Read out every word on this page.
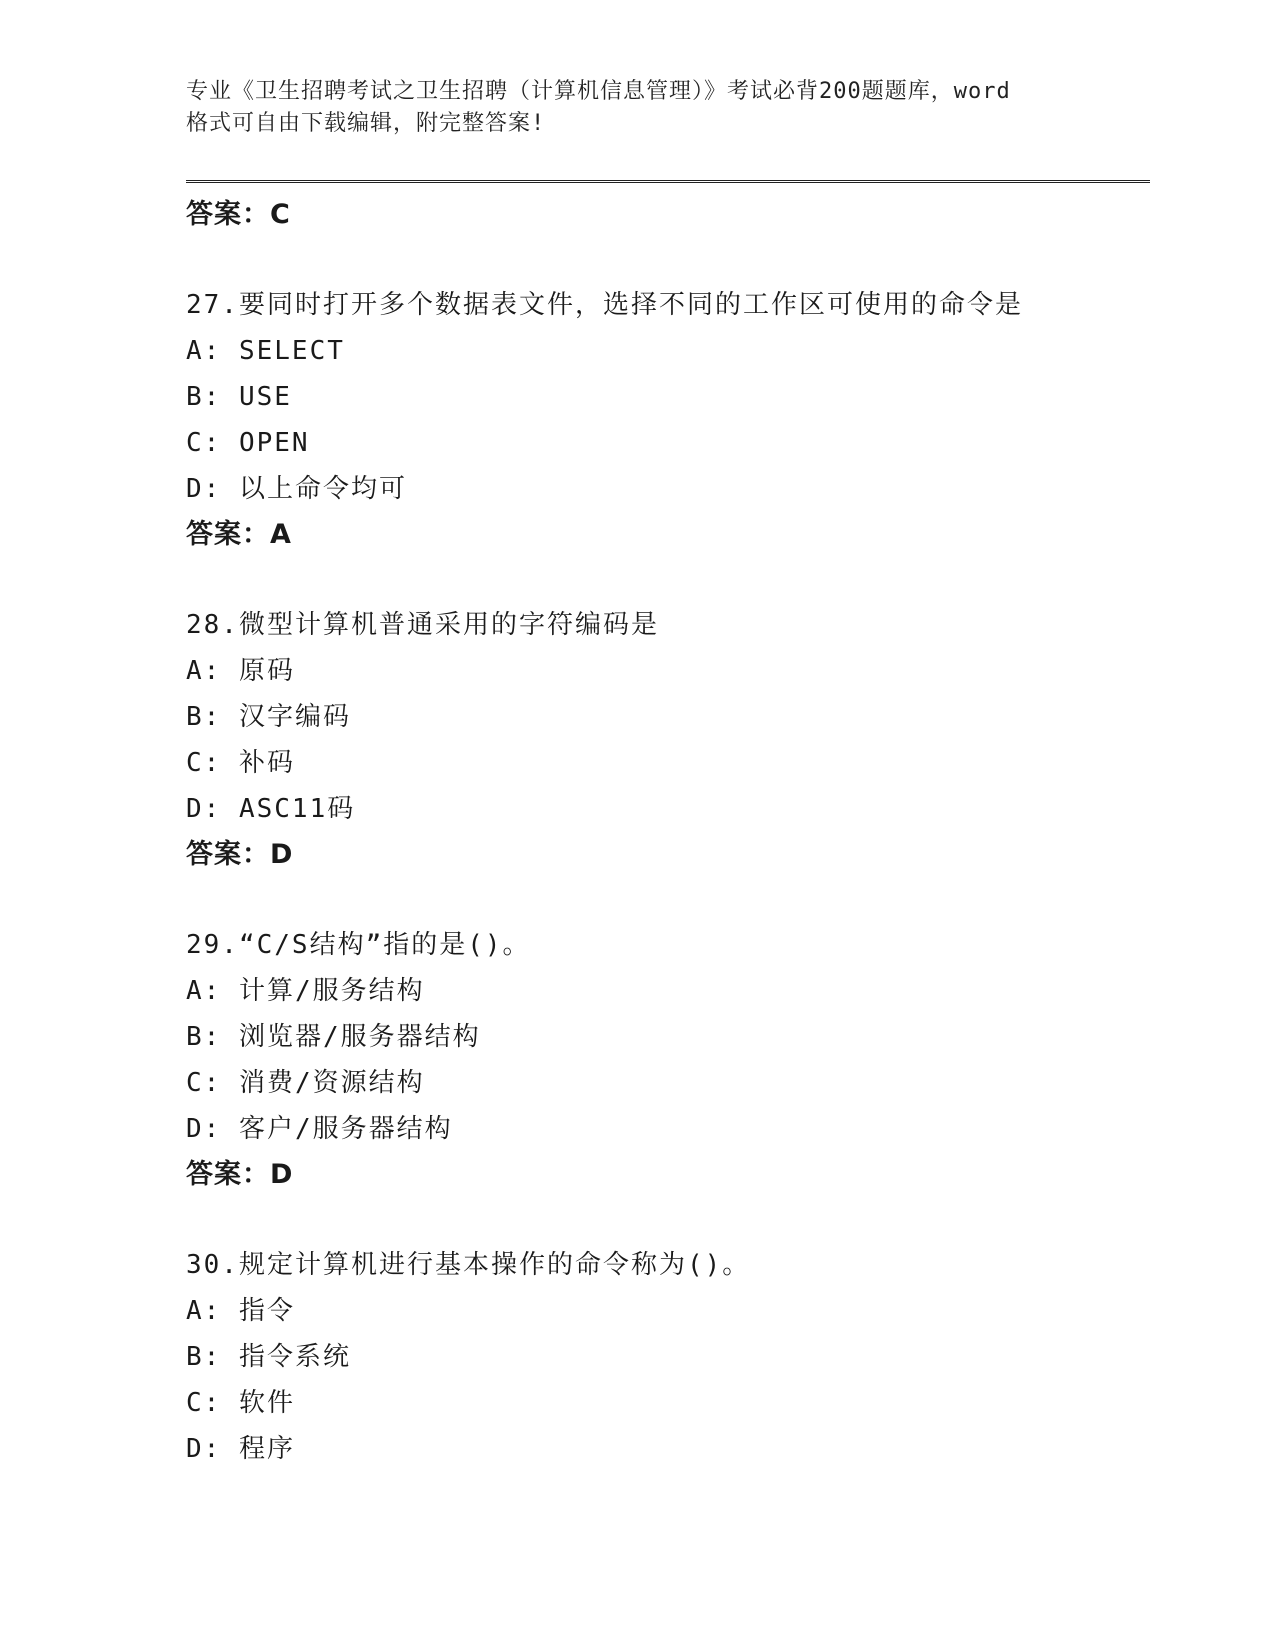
专业《卫生招聘考试之卫生招聘（计算机信息管理）》考试必背200题题库，word
格式可自由下载编辑，附完整答案!
答案：C
27.要同时打开多个数据表文件，选择不同的工作区可使用的命令是
A: SELECT
B: USE
C: OPEN
D: 以上命令均可
答案：A
28.微型计算机普通采用的字符编码是
A: 原码
B: 汉字编码
C: 补码
D: ASC11码
答案：D
29.“C/S结构”指的是()。
A: 计算/服务结构
B: 浏览器/服务器结构
C: 消费/资源结构
D: 客户/服务器结构
答案：D
30.规定计算机进行基本操作的命令称为()。
A: 指令
B: 指令系统
C: 软件
D: 程序
